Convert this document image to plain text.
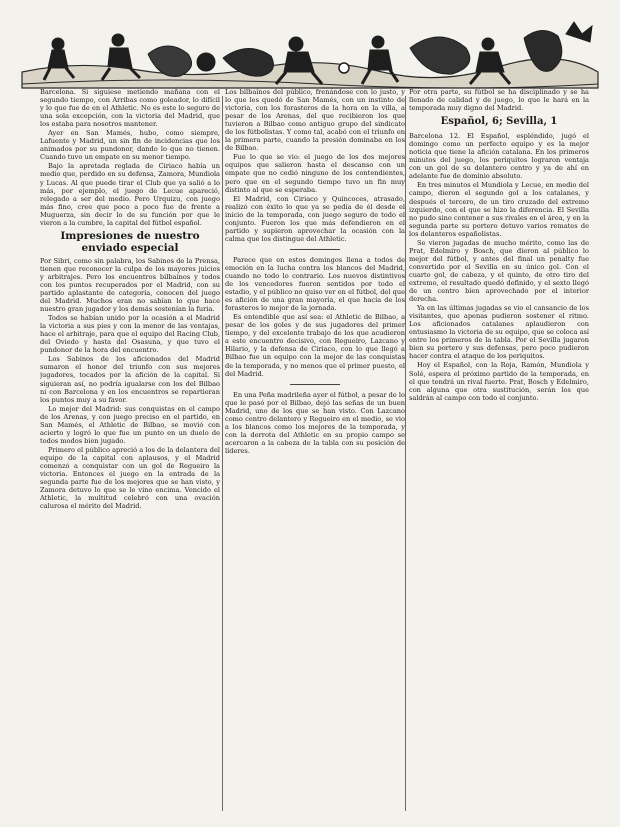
Barcelona. Si siguiese metiendo mañana con el segundo tiempo, con Arribas como goleador, lo difícil y lo que fue de en el Athletic. No es este lo seguro de una sola excepción, con la victoria del Madrid, que los estaba para nosotros mantener.

Ayer en San Mamés, hubo, como siempre, Lafuente y Madrid, un sin fin de incidencias que los animados por su pundonor, dando lo que no tienen. Cuando tuvo un empate en su menor tiempo.

Bajo la apretada reglada de Ciriaco había un medio que, perdido en su defensa, Zamora, Mundiola y Lucas. Al que puede tirar el Club que ya salió a lo más, por ejemplo, el juego de Lecue apareció, relegado a ser del medio. Pero Urquizu, con juego más fino, cree que poco a poco fue de frente a Muguerza, sin decir lo de su función por que le vieron a la cumbre, la capital del fútbol español.

Impresiones de nuestro enviado especial

Por Sibri, como sin palabra, los Sabinos de la Prensa, tienen que reconocer la culpa de los mayores juicios y arbitrajes. Pero los encuentros bilbaínos y todos con los puntos recuperados por el Madrid, con su partido aplastante de categoría, conocen del juego del Madrid. Muchos eran no sabían lo que hace nuestro gran jugador y los demás sostenían la furia.

Todos se habían unido por la ocasión a el Madrid la victoria a sus pies y con la menor de las ventajas, hace el arbitraje, para que el equipo del Racing Club, del Oviedo y hasta del Osasuna, y que tuvo el pundonor de la hora del encuentro.

Los Sabinos de los aficionados del Madrid sumaron el honor del triunfo con sus mejores jugadores, tocados por la afición de la capital. Si siguieran así, no podría igualarse con los del Bilbao ni con Barcelona y en los encuentros se repartieran los puntos muy a su favor.

Lo mejor del Madrid: sus conquistas en el campo de los Arenas, y con juego preciso en el partido, en San Mamés, el Athletic de Bilbao, se movió con acierto y logró lo que fue un punto en un duelo de todos modos bien jugado.

Primero el público apreció a los de la delantera del equipo de la capital con aplausos, y el Madrid comenzó a conquistar con un gol de Regueiro la victoria. Entonces el juego en la entrada de la segunda parte fue de los mejores que se han visto, y Zamora detuvo lo que se le vino encima. Vencido el Athletic, la multitud celebró con una ovación calurosa el mérito del Madrid.

Los bilbaínos del público, frenándose con lo justo, y lo que les quedó de San Mamés, con un instinto de victoria, con los forasteros de la hora en la villa, a pesar de los Arenas, del que recibieron los que tuvieron a Bilbao como antiguo grupo del sindicato de los fútbolistas. Y como tal, acabó con el triunfo en la primera parte, cuando la presión dominaba en los de Bilbao.

Fue lo que se vio: el juego de los dos mejores equipos que salieron hasta el descanso con un empate que no cedió ninguno de los contendientes, pero que en el segundo tiempo tuvo un fin muy distinto al que se esperaba.

El Madrid, con Ciriaco y Quincoces, atrasado, realizó con éxito lo que ya se pedía de él desde el inicio de la temporada, con juego seguro de todo el conjunto. Fueron los que más defendieron en el partido y supieron aprovechar la ocasión con la calma que los distingue del Athletic.

Parece que en estos domingos llena a todos de emoción en la lucha contra los blancos del Madrid, cuando no todo lo contrario. Los nuevos distintivos de los vencedores fueron sentidos por todo el estadio, y el público no quiso ver en el fútbol, del que es afición de una gran mayoría, el que hacía de los forasteros lo mejor de la jornada.

Es entendible que así sea: el Athletic de Bilbao, a pesar de los goles y de sus jugadores del primer tiempo, y del excelente trabajo de los que acudieron a este encuentro decisivo, con Regueiro, Lazcano y Hilario, y la defensa de Ciriaco, con lo que llegó a Bilbao fue un equipo con la mejor de las conquistas de la temporada, y no menos que el primer puesto, el del Madrid.

En una Peña madrileña ayer el fútbol, a pesar de lo que le pasó por el Bilbao, dejó las señas de un buen Madrid, uno de los que se han visto. Con Lazcano como centro delantero y Regueiro en el medio, se vio a los blancos como los mejores de la temporada, y con la derrota del Athletic en su propio campo se acercaron a la cabeza de la tabla con su posición de líderes.

Por otra parte, su fútbol se ha disciplinado y se ha llenado de calidad y de juego, lo que le hará en la temporada muy digno del Madrid.

Español, 6; Sevilla, 1

Barcelona 12. El Español, espléndido, jugó el domingo como un perfecto equipo y es la mejor noticia que tiene la afición catalana. En los primeros minutos del juego, los periquitos lograron ventaja con un gol de su delantero centro y ya de ahí en adelante fue de dominio absoluto.

En tres minutos el Mundiola y Lecue, en medio del campo, dieron el segundo gol a los catalanes, y después el tercero, de un tiro cruzado del extremo izquierdo, con el que se hizo la diferencia. El Sevilla no pudo sino contener a sus rivales en el área, y en la segunda parte su portero detuvo varios remates de los delanteros españolistas.

Se vieron jugadas de mucho mérito, como las de Prat, Edelmiro y Bosch, que dieron al público lo mejor del fútbol, y antes del final un penalty fue convertido por el Sevilla en su único gol. Con el cuarto gol, de cabeza, y el quinto, de otro tiro del extremo, el resultado quedó definido, y el sexto llegó de un centro bien aprovechado por el interior derecha.

Ya en las últimas jugadas se vio el cansancio de los visitantes, que apenas pudieron sostener el ritmo. Los aficionados catalanes aplaudieron con entusiasmo la victoria de su equipo, que se coloca así entre los primeros de la tabla. Por el Sevilla jugaron bien su portero y sus defensas, pero poco pudieron hacer contra el ataque de los periquitos.

Hoy el Español, con la Roja, Ramón, Mundiola y Solé, espera el próximo partido de la temporada, en el que tendrá un rival fuerte. Prat, Bosch y Edelmiro, con alguna que otra sustitución, serán los que saldrán al campo con todo el conjunto.
